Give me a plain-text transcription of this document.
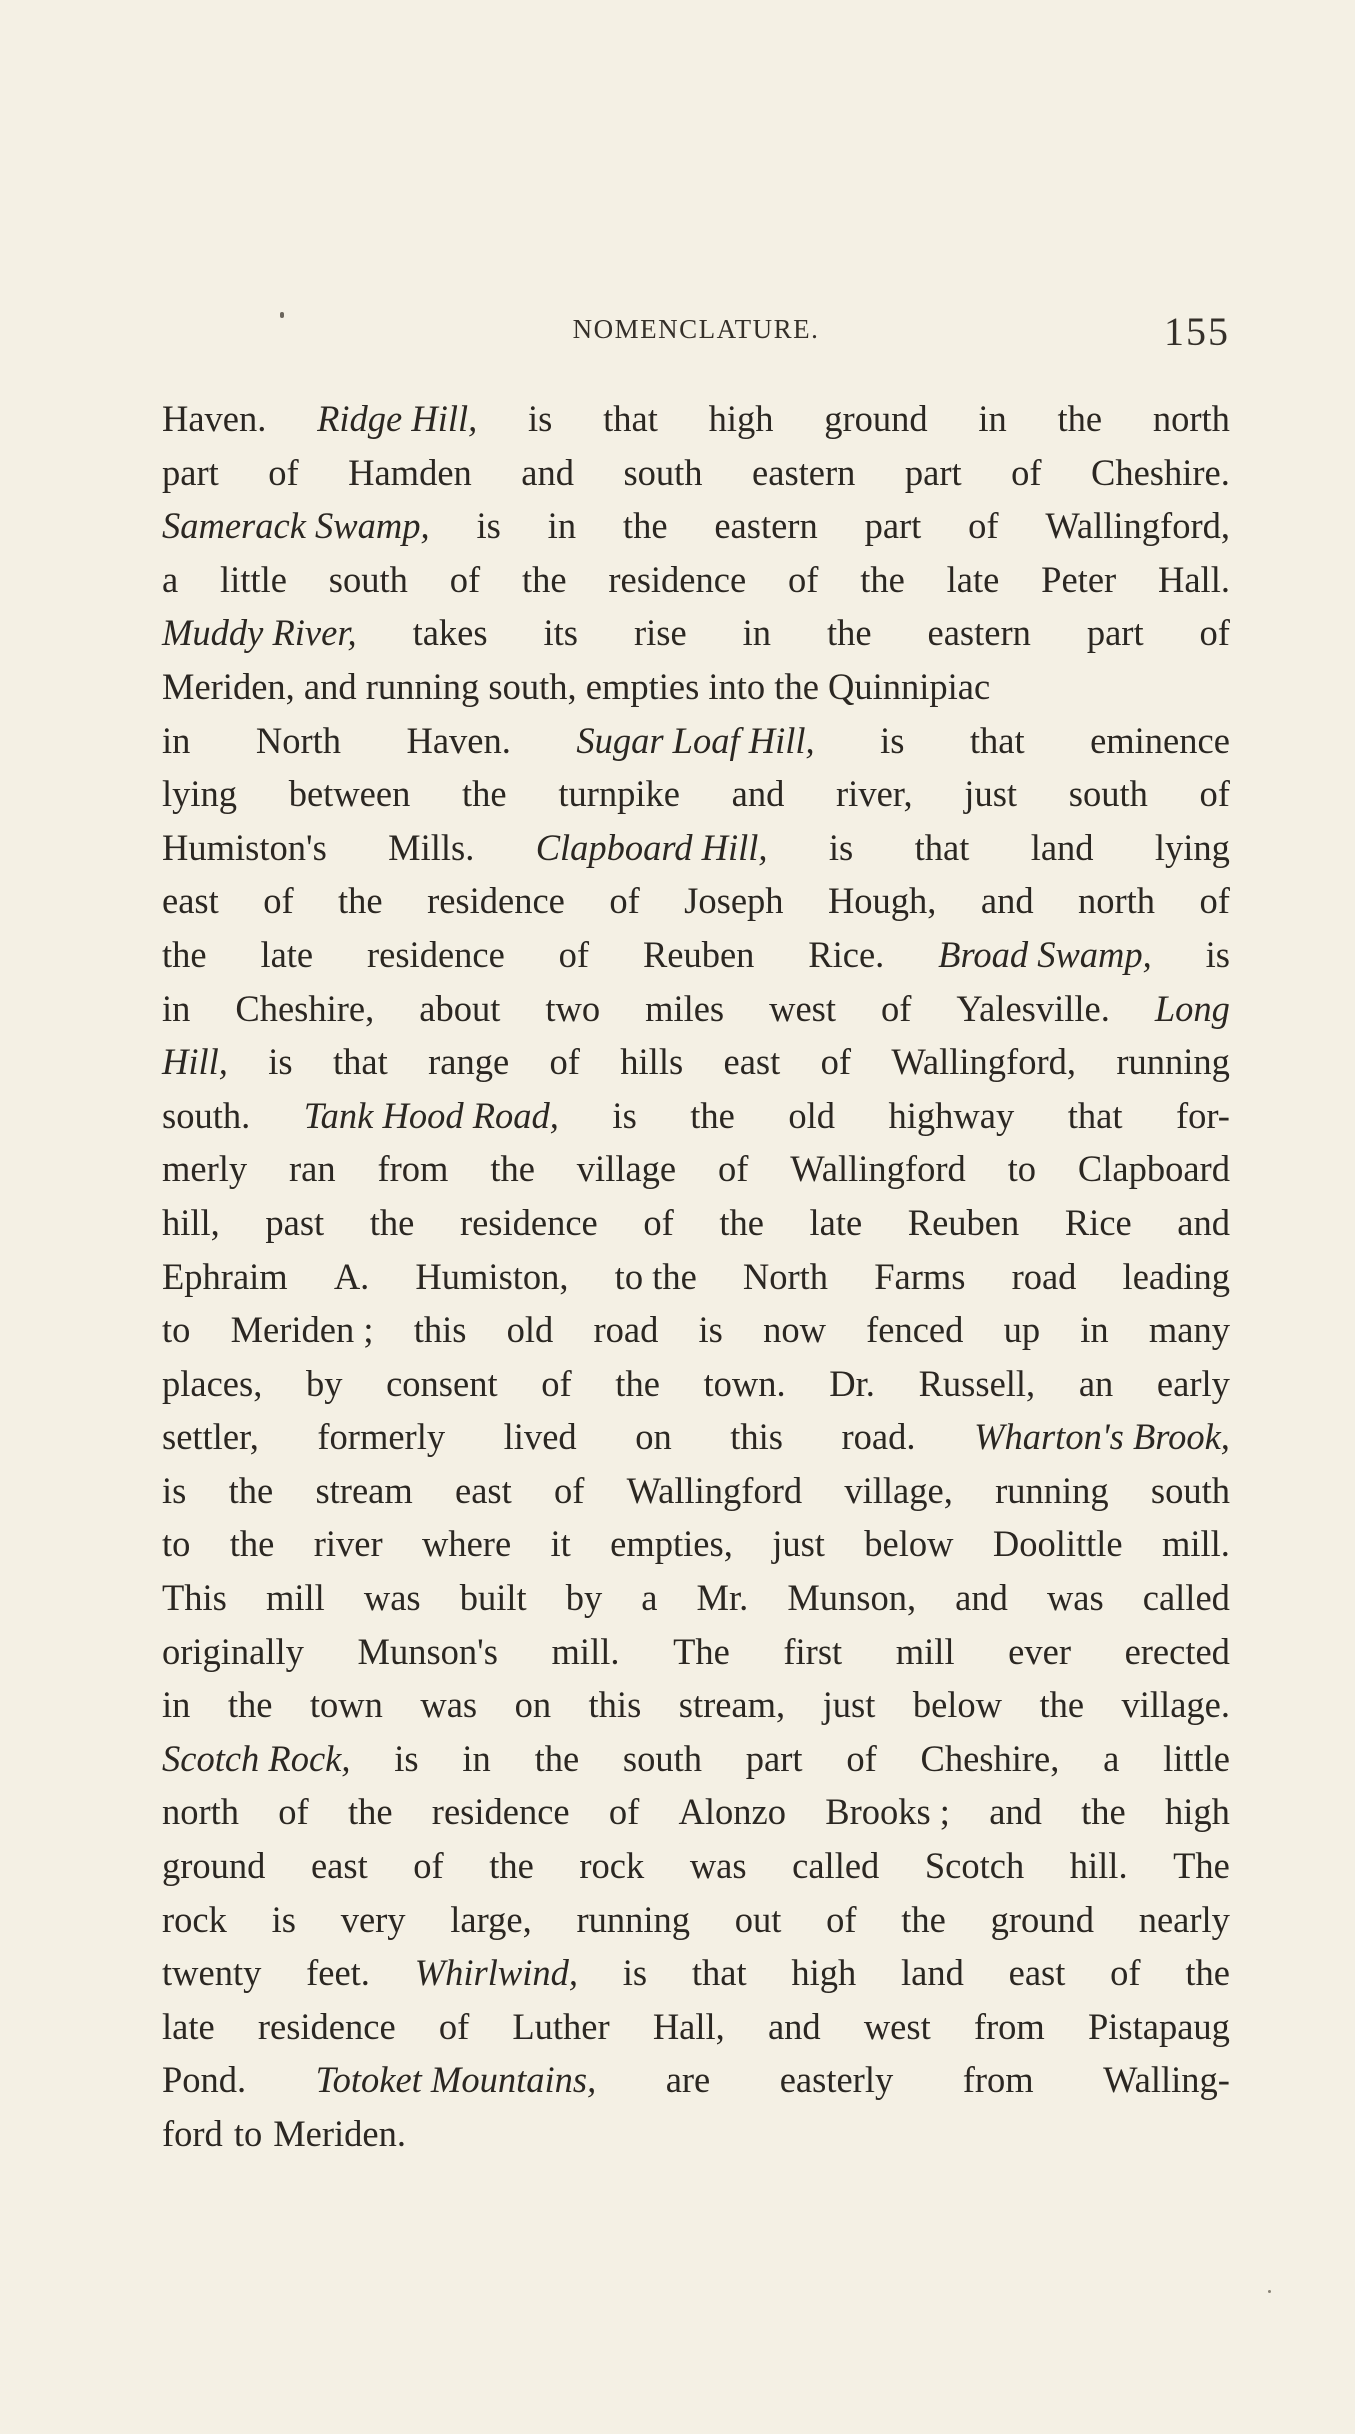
NOMENCLATURE.	155
Haven. Ridge Hill, is that high ground in the north
part of Hamden and south eastern part of Cheshire.
Samerack Swamp, is in the eastern part of Wallingford,
a little south of the residence of the late Peter Hall.
Muddy River, takes its rise in the eastern part of
Meriden, and running south, empties into the Quinnipiac
in North Haven. Sugar Loaf Hill, is that eminence
lying between the turnpike and river, just south of
Humiston's Mills. Clapboard Hill, is that land lying
east of the residence of Joseph Hough, and north of
the late residence of Reuben Rice. Broad Swamp, is
in Cheshire, about two miles west of Yalesville. Long
Hill, is that range of hills east of Wallingford, running
south. Tank Hood Road, is the old highway that for-
merly ran from the village of Wallingford to Clapboard
hill, past the residence of the late Reuben Rice and
Ephraim A. Humiston, to the North Farms road leading
to Meriden ; this old road is now fenced up in many
places, by consent of the town. Dr. Russell, an early
settler, formerly lived on this road. Wharton's Brook,
is the stream east of Wallingford village, running south
to the river where it empties, just below Doolittle mill.
This mill was built by a Mr. Munson, and was called
originally Munson's mill. The first mill ever erected
in the town was on this stream, just below the village.
Scotch Rock, is in the south part of Cheshire, a little
north of the residence of Alonzo Brooks ; and the high
ground east of the rock was called Scotch hill. The
rock is very large, running out of the ground nearly
twenty feet. Whirlwind, is that high land east of the
late residence of Luther Hall, and west from Pistapaug
Pond. Totoket Mountains, are easterly from Walling-
ford to Meriden.
